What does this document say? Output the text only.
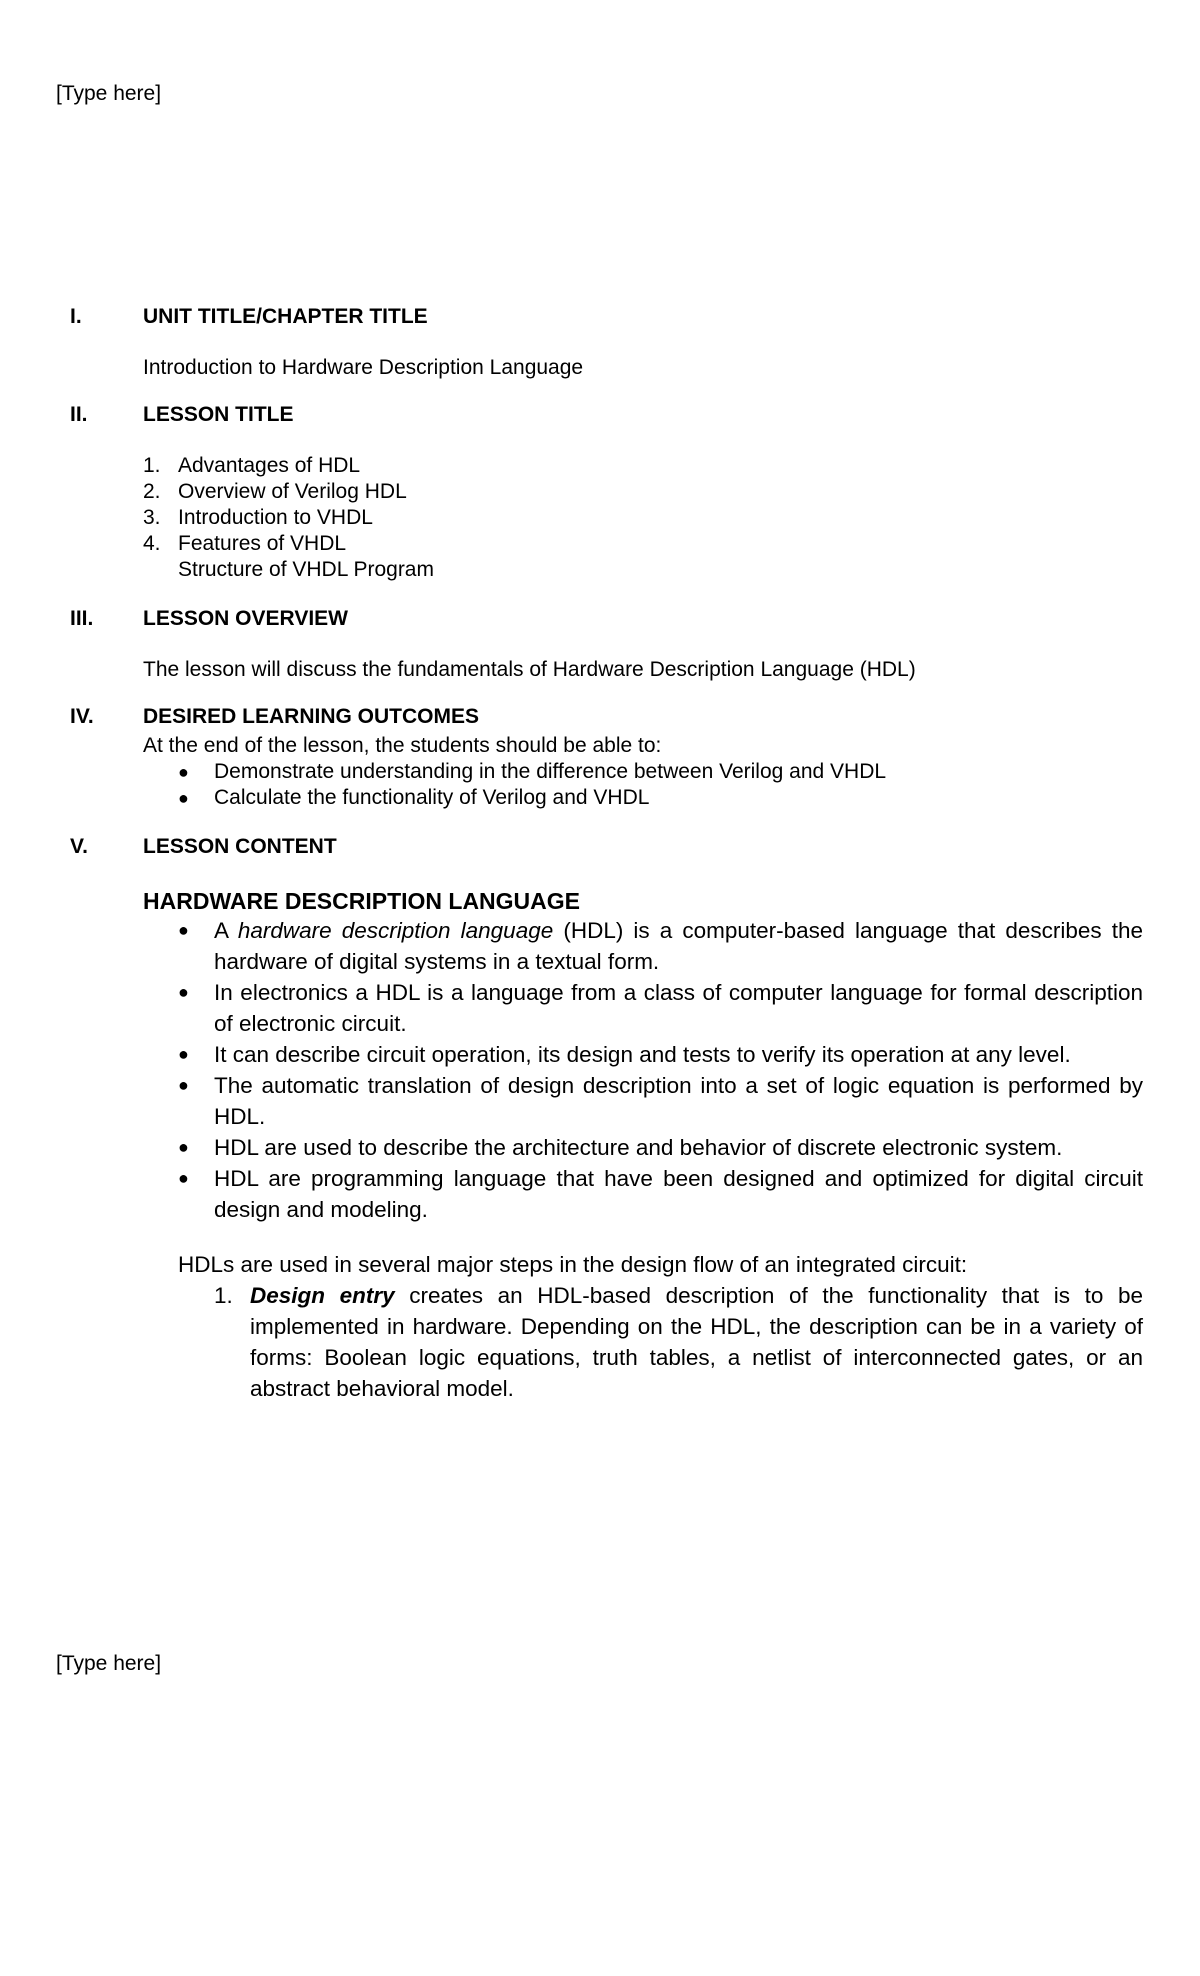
[Type here]
I.	UNIT TITLE/CHAPTER TITLE
Introduction to Hardware Description Language
II.	LESSON TITLE
1. Advantages of HDL
2. Overview of Verilog HDL
3. Introduction to VHDL
4. Features of VHDL
Structure of VHDL Program
III. LESSON OVERVIEW
The lesson will discuss the fundamentals of Hardware Description Language (HDL)
IV. DESIRED LEARNING OUTCOMES
At the end of the lesson, the students should be able to:
● Demonstrate understanding in the difference between Verilog and VHDL
● Calculate the functionality of Verilog and VHDL
V.	LESSON CONTENT
HARDWARE DESCRIPTION LANGUAGE
● A hardware description language (HDL) is a computer-based language that describes the hardware of digital systems in a textual form.
● In electronics a HDL is a language from a class of computer language for formal description of electronic circuit.
● It can describe circuit operation, its design and tests to verify its operation at any level.
● The automatic translation of design description into a set of logic equation is performed by HDL.
● HDL are used to describe the architecture and behavior of discrete electronic system.
● HDL are programming language that have been designed and optimized for digital circuit design and modeling.
HDLs are used in several major steps in the design flow of an integrated circuit:
1. Design entry creates an HDL-based description of the functionality that is to be implemented in hardware. Depending on the HDL, the description can be in a variety of forms: Boolean logic equations, truth tables, a netlist of interconnected gates, or an abstract behavioral model.
[Type here]
